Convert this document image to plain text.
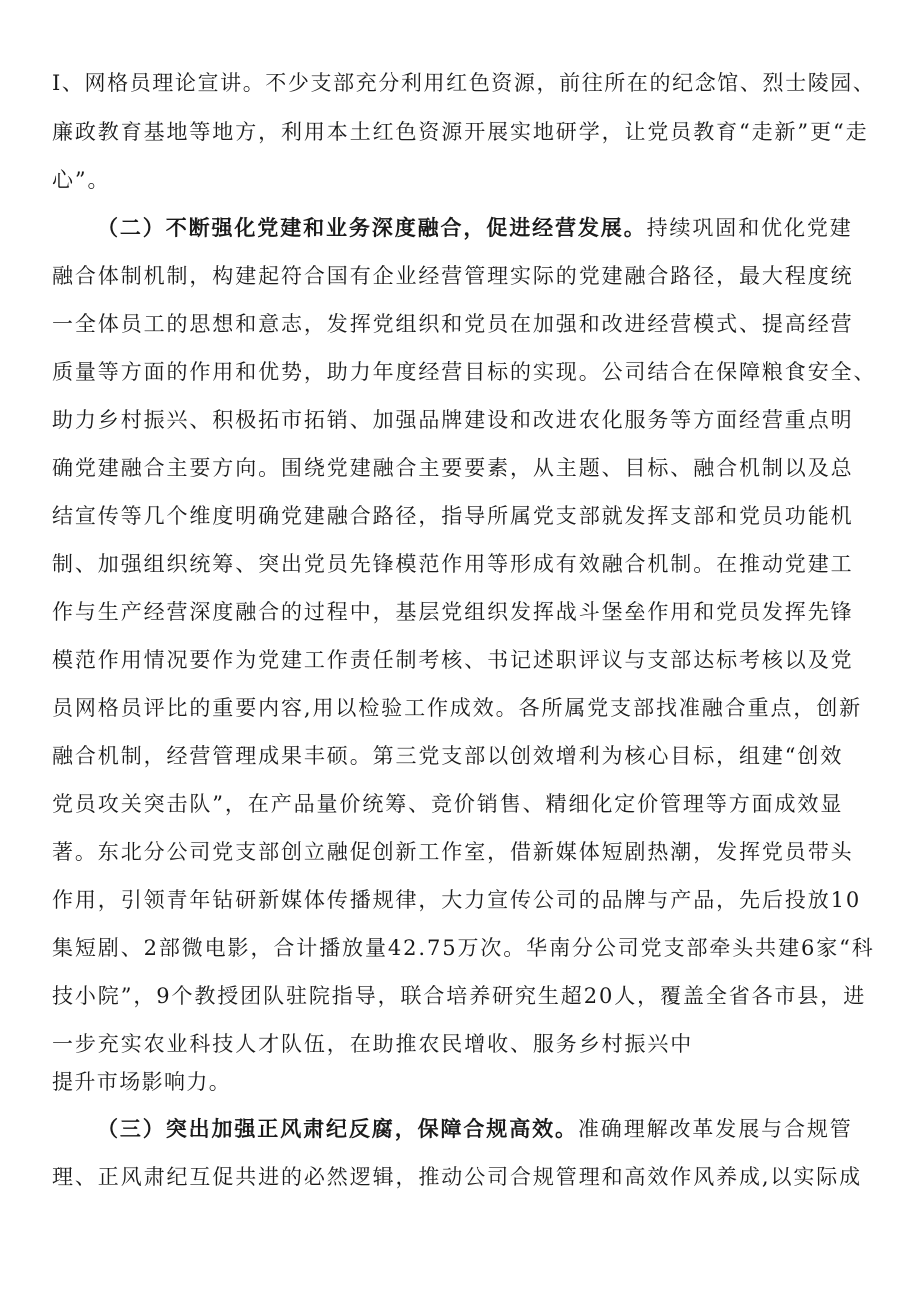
I、网格员理论宣讲。不少支部充分利用红色资源，前往所在的纪念馆、烈士陵园、
廉政教育基地等地方，利用本土红色资源开展实地研学，让党员教育“走新”更“走
心”。
（二）不断强化党建和业务深度融合，促进经营发展。持续巩固和优化党建
融合体制机制，构建起符合国有企业经营管理实际的党建融合路径，最大程度统
一全体员工的思想和意志，发挥党组织和党员在加强和改进经营模式、提高经营
质量等方面的作用和优势，助力年度经营目标的实现。公司结合在保障粮食安全、
助力乡村振兴、积极拓市拓销、加强品牌建设和改进农化服务等方面经营重点明
确党建融合主要方向。围绕党建融合主要要素，从主题、目标、融合机制以及总
结宣传等几个维度明确党建融合路径，指导所属党支部就发挥支部和党员功能机
制、加强组织统筹、突出党员先锋模范作用等形成有效融合机制。在推动党建工
作与生产经营深度融合的过程中，基层党组织发挥战斗堡垒作用和党员发挥先锋
模范作用情况要作为党建工作责任制考核、书记述职评议与支部达标考核以及党
员网格员评比的重要内容,用以检验工作成效。各所属党支部找准融合重点，创新
融合机制，经营管理成果丰硕。第三党支部以创效增利为核心目标，组建“创效
党员攻关突击队”，在产品量价统筹、竞价销售、精细化定价管理等方面成效显
著。东北分公司党支部创立融促创新工作室，借新媒体短剧热潮，发挥党员带头
作用，引领青年钻研新媒体传播规律，大力宣传公司的品牌与产品，先后投放10
集短剧、2部微电影，合计播放量42.75万次。华南分公司党支部牵头共建6家“科
技小院”，9个教授团队驻院指导，联合培养研究生超20人，覆盖全省各市县，进
一步充实农业科技人才队伍，在助推农民增收、服务乡村振兴中
提升市场影响力。
（三）突出加强正风肃纪反腐，保障合规高效。准确理解改革发展与合规管
理、正风肃纪互促共进的必然逻辑，推动公司合规管理和高效作风养成,以实际成
